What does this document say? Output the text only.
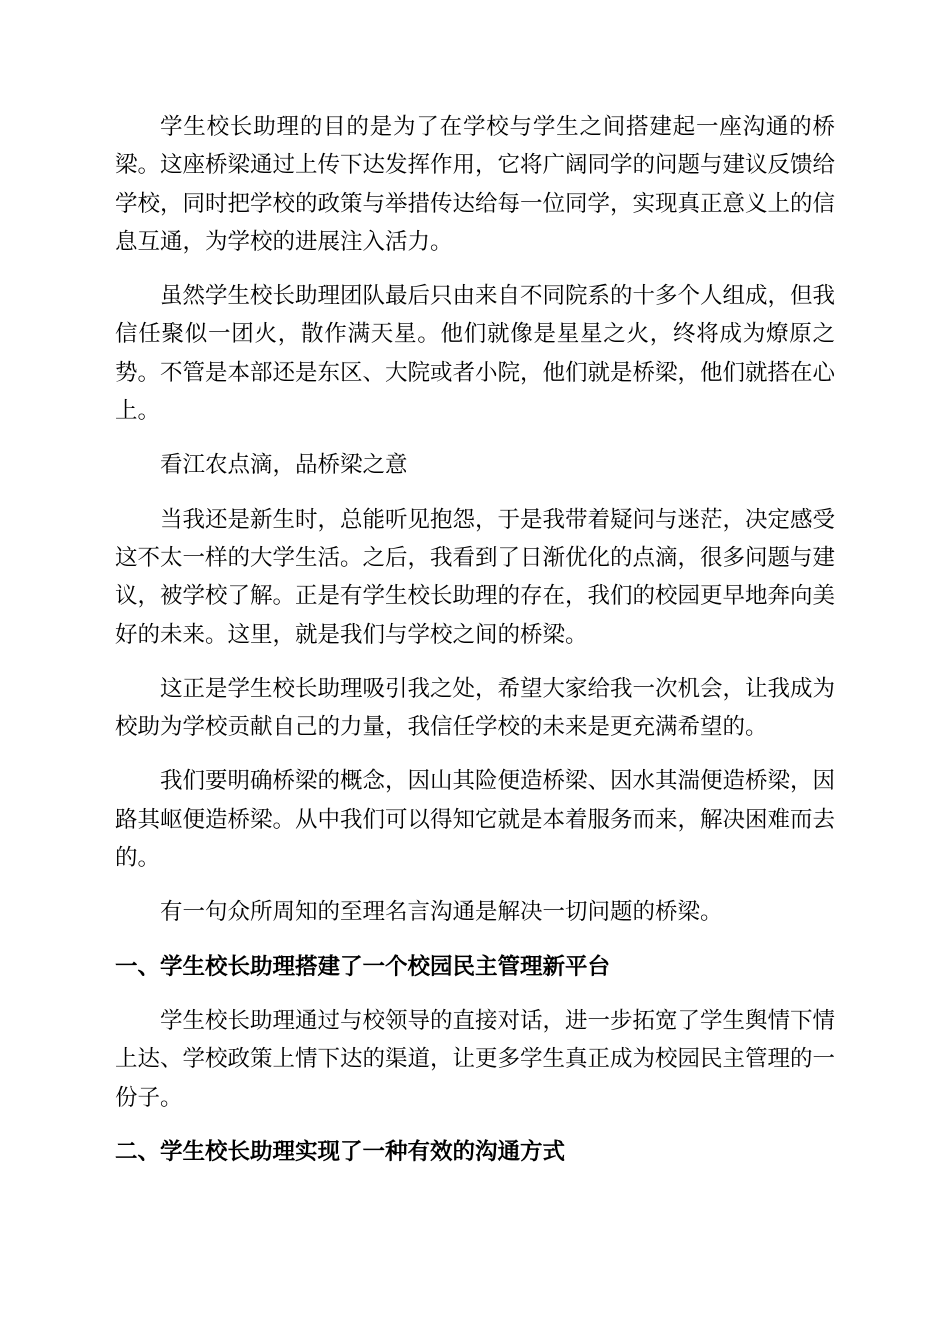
学生校长助理的目的是为了在学校与学生之间搭建起一座沟通的桥梁。这座桥梁通过上传下达发挥作用，它将广阔同学的问题与建议反馈给学校，同时把学校的政策与举措传达给每一位同学，实现真正意义上的信息互通，为学校的进展注入活力。

虽然学生校长助理团队最后只由来自不同院系的十多个人组成，但我信任聚似一团火，散作满天星。他们就像是星星之火，终将成为燎原之势。不管是本部还是东区、大院或者小院，他们就是桥梁，他们就搭在心上。

看江农点滴，品桥梁之意

当我还是新生时，总能听见抱怨，于是我带着疑问与迷茫，决定感受这不太一样的大学生活。之后，我看到了日渐优化的点滴，很多问题与建议，被学校了解。正是有学生校长助理的存在，我们的校园更早地奔向美好的未来。这里，就是我们与学校之间的桥梁。

这正是学生校长助理吸引我之处，希望大家给我一次机会，让我成为校助为学校贡献自己的力量，我信任学校的未来是更充满希望的。

我们要明确桥梁的概念，因山其险便造桥梁、因水其湍便造桥梁，因路其岖便造桥梁。从中我们可以得知它就是本着服务而来，解决困难而去的。

有一句众所周知的至理名言沟通是解决一切问题的桥梁。

一、学生校长助理搭建了一个校园民主管理新平台

学生校长助理通过与校领导的直接对话，进一步拓宽了学生舆情下情上达、学校政策上情下达的渠道，让更多学生真正成为校园民主管理的一份子。

二、学生校长助理实现了一种有效的沟通方式
